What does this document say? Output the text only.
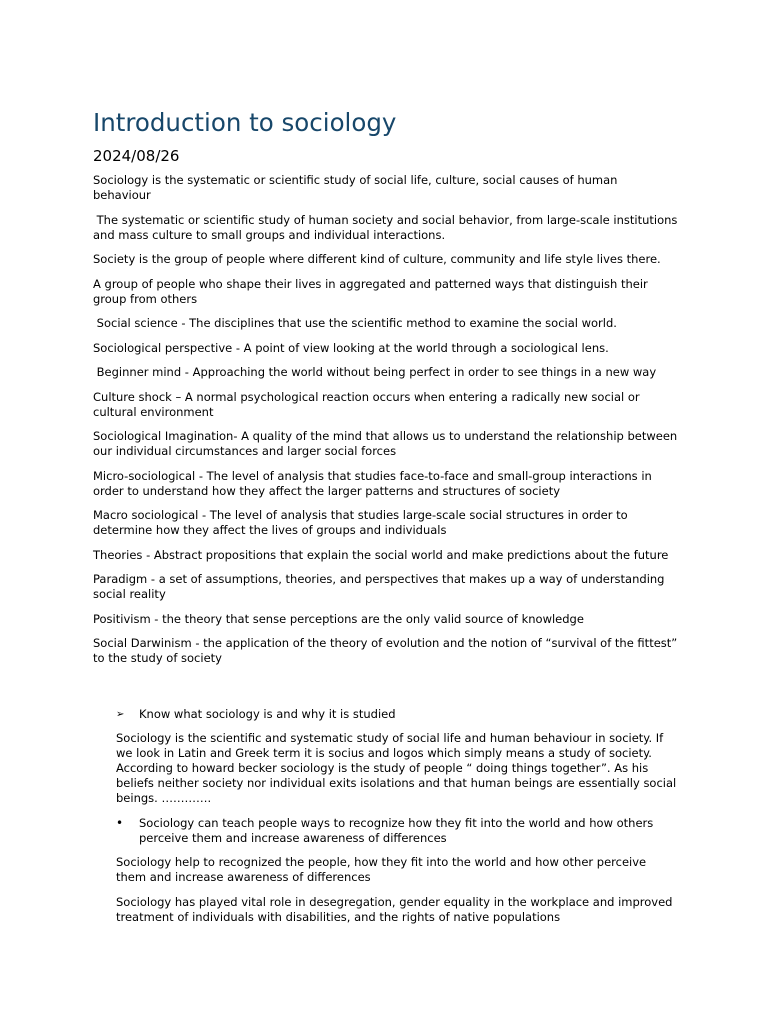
Introduction to sociology
2024/08/26

Sociology is the systematic or scientific study of social life, culture, social causes of human behaviour

The systematic or scientific study of human society and social behavior, from large-scale institutions and mass culture to small groups and individual interactions.

Society is the group of people where different kind of culture, community and life style lives there.

A group of people who shape their lives in aggregated and patterned ways that distinguish their group from others

Social science - The disciplines that use the scientific method to examine the social world.

Sociological perspective - A point of view looking at the world through a sociological lens.

Beginner mind - Approaching the world without being perfect in order to see things in a new way

Culture shock – A normal psychological reaction occurs when entering a radically new social or cultural environment

Sociological Imagination- A quality of the mind that allows us to understand the relationship between our individual circumstances and larger social forces

Micro-sociological - The level of analysis that studies face-to-face and small-group interactions in order to understand how they affect the larger patterns and structures of society

Macro sociological - The level of analysis that studies large-scale social structures in order to determine how they affect the lives of groups and individuals

Theories - Abstract propositions that explain the social world and make predictions about the future

Paradigm - a set of assumptions, theories, and perspectives that makes up a way of understanding social reality

Positivism - the theory that sense perceptions are the only valid source of knowledge

Social Darwinism - the application of the theory of evolution and the notion of “survival of the fittest” to the study of society

➢	Know what sociology is and why it is studied

Sociology is the scientific and systematic study of social life and human behaviour in society. If we look in Latin and Greek term it is socius and logos which simply means a study of society. According to howard becker sociology is the study of people “ doing things together”. As his beliefs neither society nor individual exits isolations and that human beings are essentially social beings. ………….

•	Sociology can teach people ways to recognize how they fit into the world and how others perceive them and increase awareness of differences

Sociology help to recognized the people, how they fit into the world and how other perceive them and increase awareness of differences

Sociology has played vital role in desegregation, gender equality in the workplace and improved treatment of individuals with disabilities, and the rights of native populations
